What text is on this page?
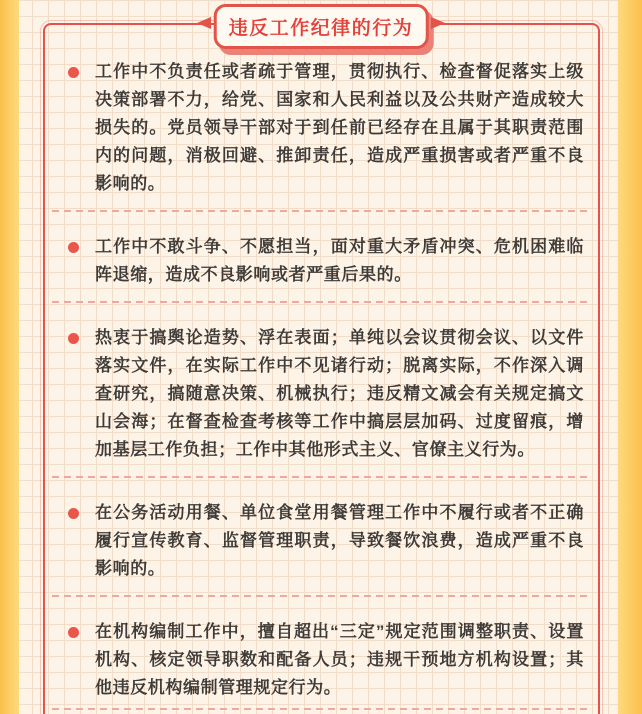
工作中不负责任或者疏于管理，贯彻执行、检查督促落实上级决策部署不力，给党、国家和人民利益以及公共财产造成较大损失的。党员领导干部对于到任前已经存在且属于其职责范围内的问题，消极回避、推卸责任，造成严重损害或者严重不良影响的。

工作中不敢斗争、不愿担当，面对重大矛盾冲突、危机困难临阵退缩，造成不良影响或者严重后果的。

热衷于搞舆论造势、浮在表面；单纯以会议贯彻会议、以文件落实文件，在实际工作中不见诸行动；脱离实际，不作深入调查研究，搞随意决策、机械执行；违反精文减会有关规定搞文山会海；在督查检查考核等工作中搞层层加码、过度留痕，增加基层工作负担；工作中其他形式主义、官僚主义行为。

在公务活动用餐、单位食堂用餐管理工作中不履行或者不正确履行宣传教育、监督管理职责，导致餐饮浪费，造成严重不良影响的。

在机构编制工作中，擅自超出“三定”规定范围调整职责、设置机构、核定领导职数和配备人员；违规干预地方机构设置；其他违反机构编制管理规定行为。

违反工作纪律的行为
